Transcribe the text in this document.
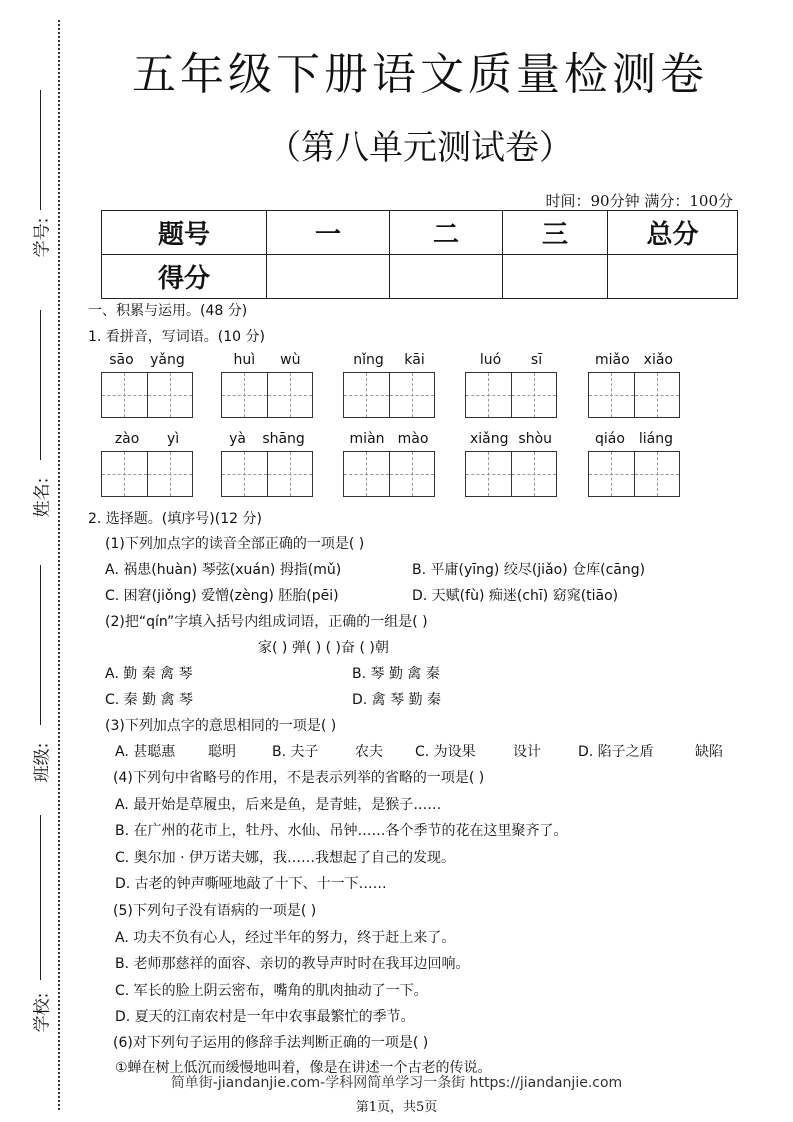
学号:
姓名:
班级:
学校:
五年级下册语文质量检测卷
（第八单元测试卷）
时间：90分钟 满分：100分
题号	一	二	三	总分
得分				
一、积累与运用。(48 分)
1. 看拼音，写词语。(10 分)
sāo yǎng	huì wù	nǐng kāi	luó sī	miǎo xiǎo
zào yì	yà shāng	miàn mào	xiǎng shòu	qiáo liáng
2. 选择题。(填序号)(12 分)
(1)下列加点字的读音全部正确的一项是( )
A. 祸患(huàn) 琴弦(xuán) 拇指(mǔ)	B. 平庸(yīng) 绞尽(jiǎo) 仓库(cāng)
C. 困窘(jiǒng) 爱憎(zèng) 胚胎(pēi)	D. 天赋(fù) 痴迷(chī) 窈窕(tiāo)
(2)把“qín”字填入括号内组成词语，正确的一组是( )
家( ) 弹( ) ( )奋 ( )朝
A. 勤 秦 禽 琴	B. 琴 勤 禽 秦
C. 秦 勤 禽 琴	D. 禽 琴 勤 秦
(3)下列加点字的意思相同的一项是( )
A. 甚聪惠 聪明	B. 夫子	农夫 C. 为设果	设计	D. 陷子之盾	缺陷
(4)下列句中省略号的作用，不是表示列举的省略的一项是( )
A. 最开始是草履虫，后来是鱼，是青蛙，是猴子……
B. 在广州的花市上，牡丹、水仙、吊钟……各个季节的花在这里聚齐了。
C. 奥尔加 · 伊万诺夫娜，我……我想起了自己的发现。
D. 古老的钟声嘶哑地敲了十下、十一下……
(5)下列句子没有语病的一项是( )
A. 功夫不负有心人，经过半年的努力，终于赶上来了。
B. 老师那慈祥的面容、亲切的教导声时时在我耳边回响。
C. 军长的脸上阴云密布，嘴角的肌肉抽动了一下。
D. 夏天的江南农村是一年中农事最繁忙的季节。
(6)对下列句子运用的修辞手法判断正确的一项是( )
①蝉在树上低沉而缓慢地叫着，像是在讲述一个古老的传说。
简单街-jiandanjie.com-学科网简单学习一条街 https://jiandanjie.com
第1页，共5页
